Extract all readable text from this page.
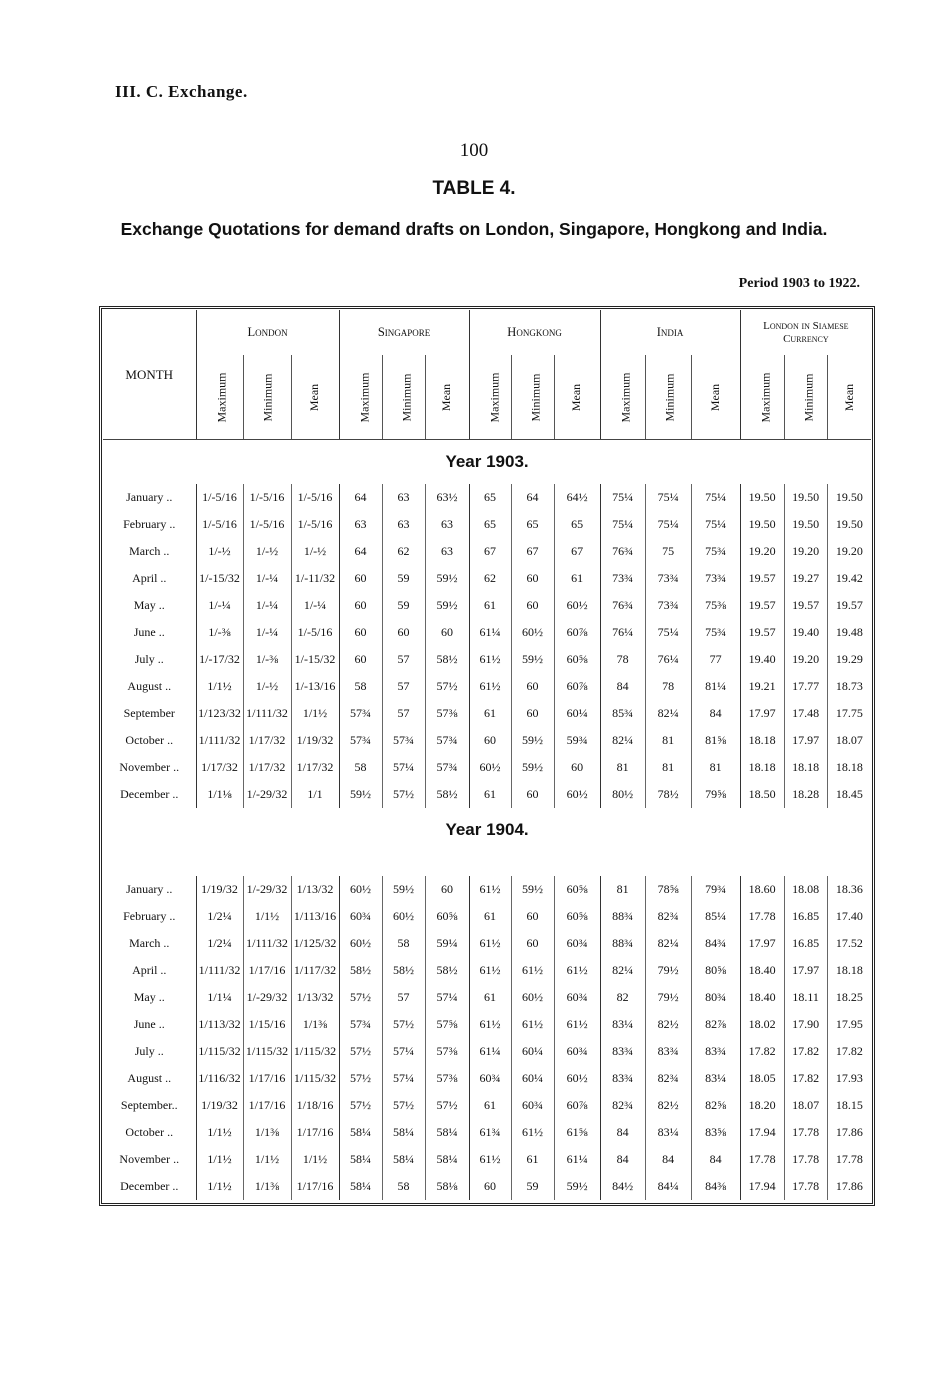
III. C. Exchange.
100
TABLE 4.
Exchange Quotations for demand drafts on London, Singapore, Hongkong and India.
Period 1903 to 1922.
MONTH	London			Singapore			Hongkong			India			London in Siamese Currency		
	Maximum	Minimum	Mean	Maximum	Minimum	Mean	Maximum	Minimum	Mean	Maximum	Minimum	Mean	Maximum	Minimum	Mean
Year 1903.															
January ..	1/-5/16	1/-5/16	1/-5/16	64	63	63½	65	64	64½	75¼	75¼	75¼	19.50	19.50	19.50
February ..	1/-5/16	1/-5/16	1/-5/16	63	63	63	65	65	65	75¼	75¼	75¼	19.50	19.50	19.50
March ..	1/-½	1/-½	1/-½	64	62	63	67	67	67	76¾	75	75¾	19.20	19.20	19.20
April ..	1/-15/32	1/-¼	1/-11/32	60	59	59½	62	60	61	73¾	73¾	73¾	19.57	19.27	19.42
May ..	1/-¼	1/-¼	1/-¼	60	59	59½	61	60	60½	76¾	73¾	75⅜	19.57	19.57	19.57
June ..	1/-⅜	1/-¼	1/-5/16	60	60	60	61¼	60½	60⅞	76¼	75¼	75¾	19.57	19.40	19.48
July ..	1/-17/32	1/-⅜	1/-15/32	60	57	58½	61½	59½	60⅝	78	76¼	77	19.40	19.20	19.29
August ..	1/1½	1/-½	1/-13/16	58	57	57½	61½	60	60⅞	84	78	81¼	19.21	17.77	18.73
September	1/123/32	1/111/32	1/1½	57¾	57	57⅜	61	60	60¼	85¾	82¼	84	17.97	17.48	17.75
October ..	1/111/32	1/17/32	1/19/32	57¾	57¾	57¾	60	59½	59¾	82¼	81	81⅝	18.18	17.97	18.07
November ..	1/17/32	1/17/32	1/17/32	58	57¼	57¾	60½	59½	60	81	81	81	18.18	18.18	18.18
December ..	1/1⅛	1/-29/32	1/1	59½	57½	58½	61	60	60½	80½	78½	79⅝	18.50	18.28	18.45
Year 1904.															
January ..	1/19/32	1/-29/32	1/13/32	60½	59½	60	61½	59½	60⅝	81	78⅝	79¾	18.60	18.08	18.36
February ..	1/2¼	1/1½	1/113/16	60¾	60½	60⅝	61	60	60⅝	88¾	82¾	85¼	17.78	16.85	17.40
March ..	1/2¼	1/111/32	1/125/32	60½	58	59¼	61½	60	60¾	88¾	82¼	84¾	17.97	16.85	17.52
April ..	1/111/32	1/17/16	1/117/32	58½	58½	58½	61½	61½	61½	82¼	79½	80⅝	18.40	17.97	18.18
May ..	1/1¼	1/-29/32	1/13/32	57½	57	57¼	61	60½	60¾	82	79½	80¾	18.40	18.11	18.25
June ..	1/113/32	1/15/16	1/1⅜	57¾	57½	57⅝	61½	61½	61½	83¼	82½	82⅞	18.02	17.90	17.95
July ..	1/115/32	1/115/32	1/115/32	57½	57¼	57⅜	61¼	60¼	60¾	83¾	83¾	83¾	17.82	17.82	17.82
August ..	1/116/32	1/17/16	1/115/32	57½	57¼	57⅜	60¾	60¼	60½	83¾	82¾	83¼	18.05	17.82	17.93
September..	1/19/32	1/17/16	1/18/16	57½	57½	57½	61	60¾	60⅞	82¾	82½	82⅝	18.20	18.07	18.15
October ..	1/1½	1/1⅜	1/17/16	58¼	58¼	58¼	61¾	61½	61⅝	84	83¼	83⅝	17.94	17.78	17.86
November ..	1/1½	1/1½	1/1½	58¼	58¼	58¼	61½	61	61¼	84	84	84	17.78	17.78	17.78
December ..	1/1½	1/1⅜	1/17/16	58¼	58	58⅛	60	59	59½	84½	84¼	84⅜	17.94	17.78	17.86
